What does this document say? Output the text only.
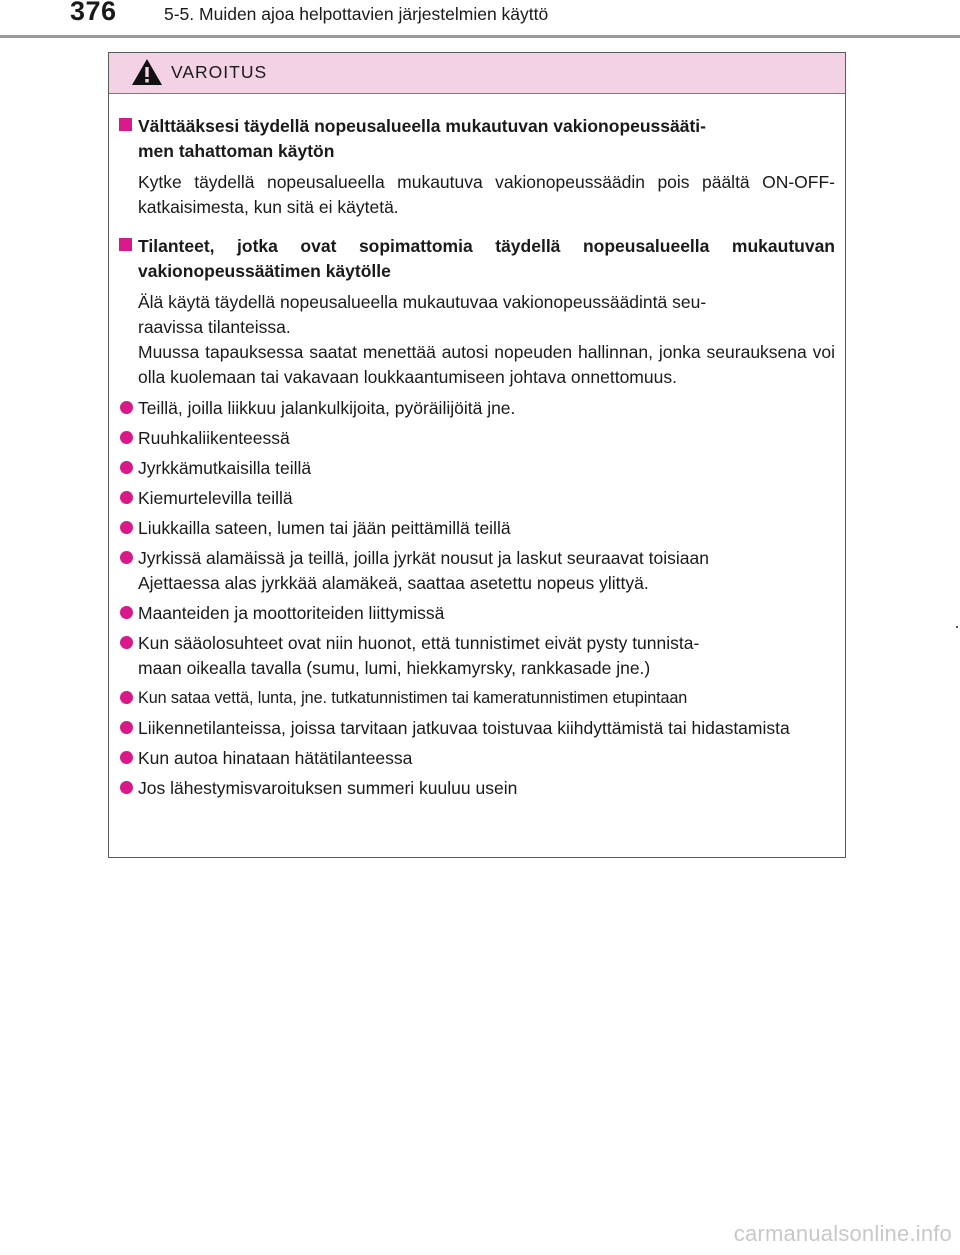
376	5-5. Muiden ajoa helpottavien järjestelmien käyttö
VAROITUS

Välttääksesi täydellä nopeusalueella mukautuvan vakionopeussääti-
men tahattoman käytön

Kytke täydellä nopeusalueella mukautuva vakionopeussäädin pois päältä ON-OFF-katkaisimesta, kun sitä ei käytetä.

Tilanteet, jotka ovat sopimattomia täydellä nopeusalueella mukautuvan vakionopeussäätimen käytölle

Älä käytä täydellä nopeusalueella mukautuvaa vakionopeussäädintä seu-
raavissa tilanteissa.
Muussa tapauksessa saatat menettää autosi nopeuden hallinnan, jonka seurauksena voi olla kuolemaan tai vakavaan loukkaantumiseen johtava onnettomuus.

Teillä, joilla liikkuu jalankulkijoita, pyöräilijöitä jne.
Ruuhkaliikenteessä
Jyrkkämutkaisilla teillä
Kiemurtelevilla teillä
Liukkailla sateen, lumen tai jään peittämillä teillä
Jyrkissä alamäissä ja teillä, joilla jyrkät nousut ja laskut seuraavat toisiaan
Ajettaessa alas jyrkkää alamäkeä, saattaa asetettu nopeus ylittyä.
Maanteiden ja moottoriteiden liittymissä
Kun sääolosuhteet ovat niin huonot, että tunnistimet eivät pysty tunnista-
maan oikealla tavalla (sumu, lumi, hiekkamyrsky, rankkasade jne.)
Kun sataa vettä, lunta, jne. tutkatunnistimen tai kameratunnistimen etupintaan
Liikennetilanteissa, joissa tarvitaan jatkuvaa toistuvaa kiihdyttämistä tai hidastamista
Kun autoa hinataan hätätilanteessa
Jos lähestymisvaroituksen summeri kuuluu usein
carmanualsonline.info
